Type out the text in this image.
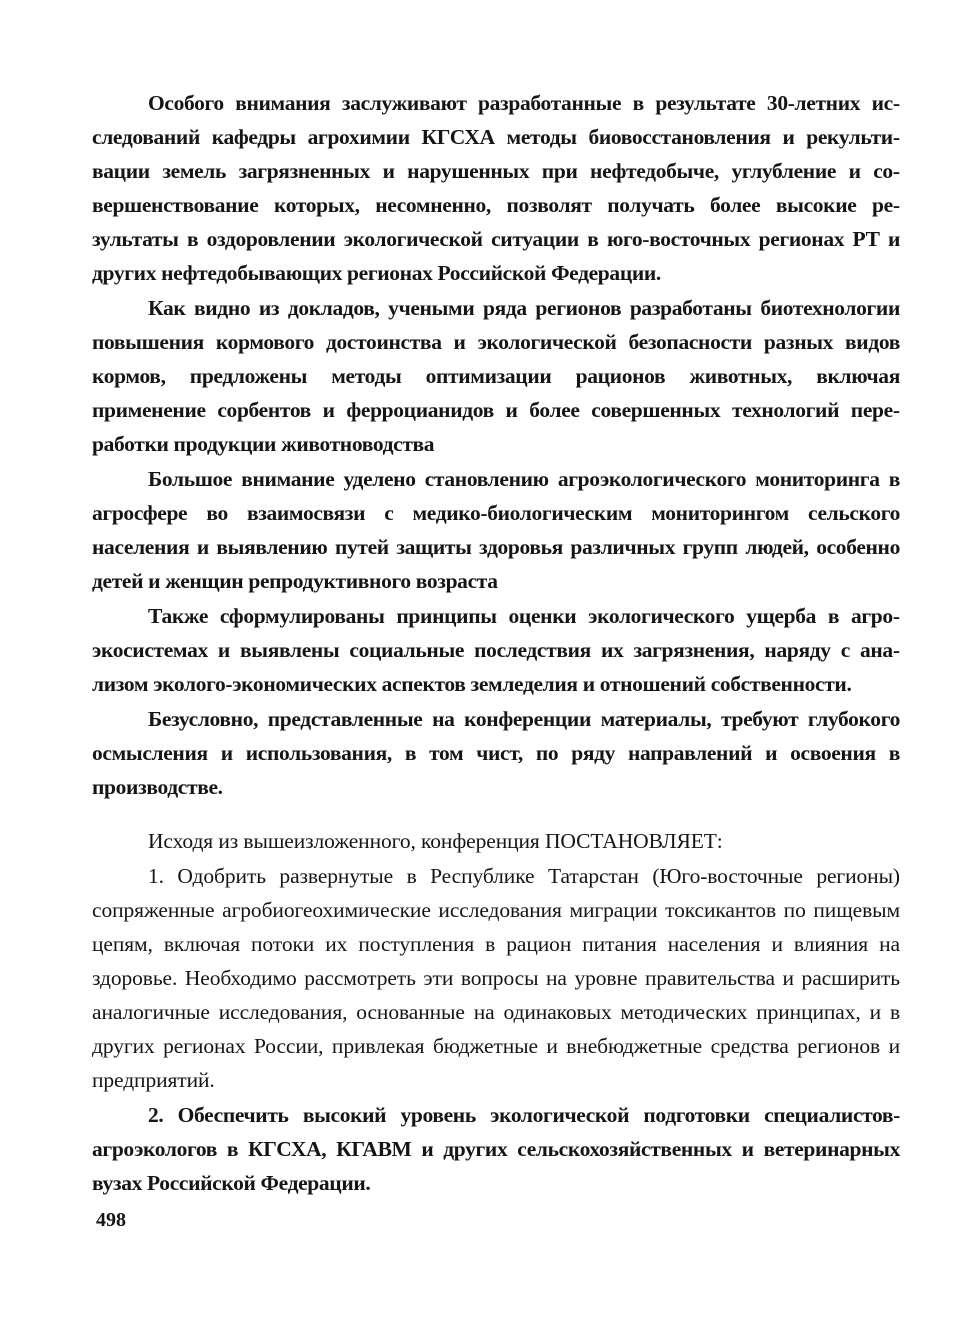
Особого внимания заслуживают разработанные в результате 30-летних исследований кафедры агрохимии КГСХА методы биовосстановления и рекультивации земель загрязненных и нарушенных при нефтедобыче, углубление и совершенствование которых, несомненно, позволят получать более высокие результаты в оздоровлении экологической ситуации в юго-восточных регионах РТ и других нефтедобывающих регионах Российской Федерации.

Как видно из докладов, учеными ряда регионов разработаны биотехнологии повышения кормового достоинства и экологической безопасности разных видов кормов, предложены методы оптимизации рационов животных, включая применение сорбентов и ферроцианидов и более совершенных технологий переработки продукции животноводства

Большое внимание уделено становлению агроэкологического мониторинга в агросфере во взаимосвязи с медико-биологическим мониторингом сельского населения и выявлению путей защиты здоровья различных групп людей, особенно детей и женщин репродуктивного возраста

Также сформулированы принципы оценки экологического ущерба в агроэкосистемах и выявлены социальные последствия их загрязнения, наряду с анализом эколого-экономических аспектов земледелия и отношений собственности.

Безусловно, представленные на конференции материалы, требуют глубокого осмысления и использования, в том чист, по ряду направлений и освоения в производстве.

Исходя из вышеизложенного, конференция ПОСТАНОВЛЯЕТ:

1. Одобрить развернутые в Республике Татарстан (Юго-восточные регионы) сопряженные агробиогеохимические исследования миграции токсикантов по пищевым цепям, включая потоки их поступления в рацион питания населения и влияния на здоровье. Необходимо рассмотреть эти вопросы на уровне правительства и расширить аналогичные исследования, основанные на одинаковых методических принципах, и в других регионах России, привлекая бюджетные и внебюджетные средства регионов и предприятий.

2. Обеспечить высокий уровень экологической подготовки специалистов-агроэкологов в КГСХА, КГАВМ и других сельскохозяйственных и ветеринарных вузах Российской Федерации.

498
